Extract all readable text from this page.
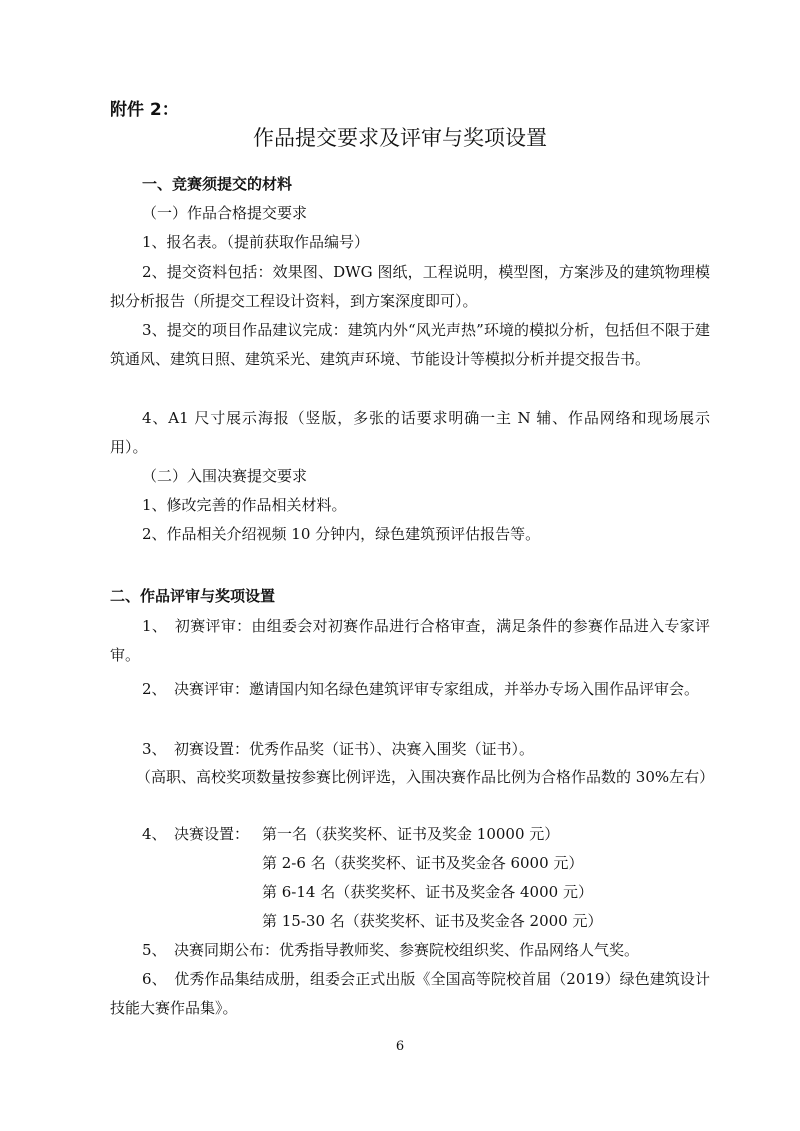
附件 2：
作品提交要求及评审与奖项设置
一、竞赛须提交的材料
（一）作品合格提交要求
1、报名表。（提前获取作品编号）
2、提交资料包括：效果图、DWG 图纸，工程说明，模型图，方案涉及的建筑物理模拟分析报告（所提交工程设计资料，到方案深度即可）。
3、提交的项目作品建议完成：建筑内外“风光声热”环境的模拟分析，包括但不限于建筑通风、建筑日照、建筑采光、建筑声环境、节能设计等模拟分析并提交报告书。
4、A1 尺寸展示海报（竖版，多张的话要求明确一主 N 辅、作品网络和现场展示用）。
（二）入围决赛提交要求
1、修改完善的作品相关材料。
2、作品相关介绍视频 10 分钟内，绿色建筑预评估报告等。
二、作品评审与奖项设置
1、　初赛评审：由组委会对初赛作品进行合格审查，满足条件的参赛作品进入专家评审。
2、　决赛评审：邀请国内知名绿色建筑评审专家组成，并举办专场入围作品评审会。
3、　初赛设置：优秀作品奖（证书）、决赛入围奖（证书）。
（高职、高校奖项数量按参赛比例评选，入围决赛作品比例为合格作品数的 30%左右）
4、　决赛设置： 第一名（获奖奖杯、证书及奖金 10000 元）
第 2-6 名（获奖奖杯、证书及奖金各 6000 元）
第 6-14 名（获奖奖杯、证书及奖金各 4000 元）
第 15-30 名（获奖奖杯、证书及奖金各 2000 元）
5、　决赛同期公布：优秀指导教师奖、参赛院校组织奖、作品网络人气奖。
6、　优秀作品集结成册，组委会正式出版《全国高等院校首届（2019）绿色建筑设计技能大赛作品集》。
6
